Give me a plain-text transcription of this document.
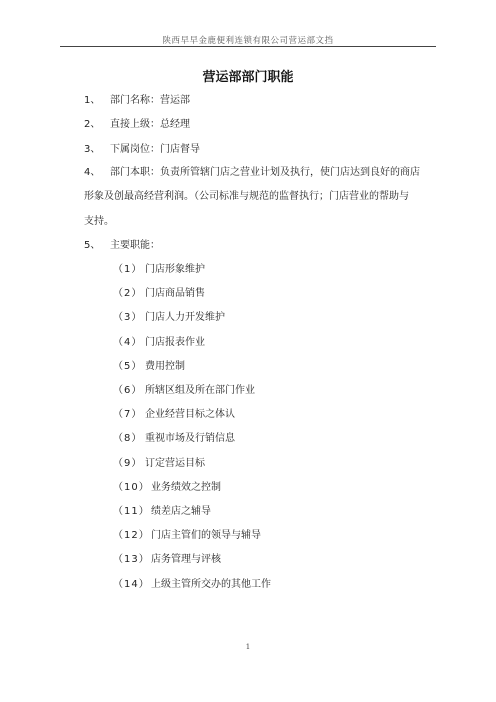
陕西早早金鹿便利连锁有限公司营运部文挡
营运部部门职能
1、 部门名称：营运部
2、 直接上级：总经理
3、 下属岗位：门店督导
4、 部门本职：负责所管辖门店之营业计划及执行，使门店达到良好的商店
形象及创最高经营利润。（公司标准与规范的监督执行；门店营业的帮助与
支持。
5、 主要职能：
（1） 门店形象维护
（2） 门店商品销售
（3） 门店人力开发维护
（4） 门店报表作业
（5） 费用控制
（6） 所辖区组及所在部门作业
（7） 企业经营目标之体认
（8） 重视市场及行销信息
（9） 订定营运目标
（10）业务绩效之控制
（11）绩差店之辅导
（12）门店主管们的领导与辅导
（13）店务管理与评核
（14）上级主管所交办的其他工作
1
